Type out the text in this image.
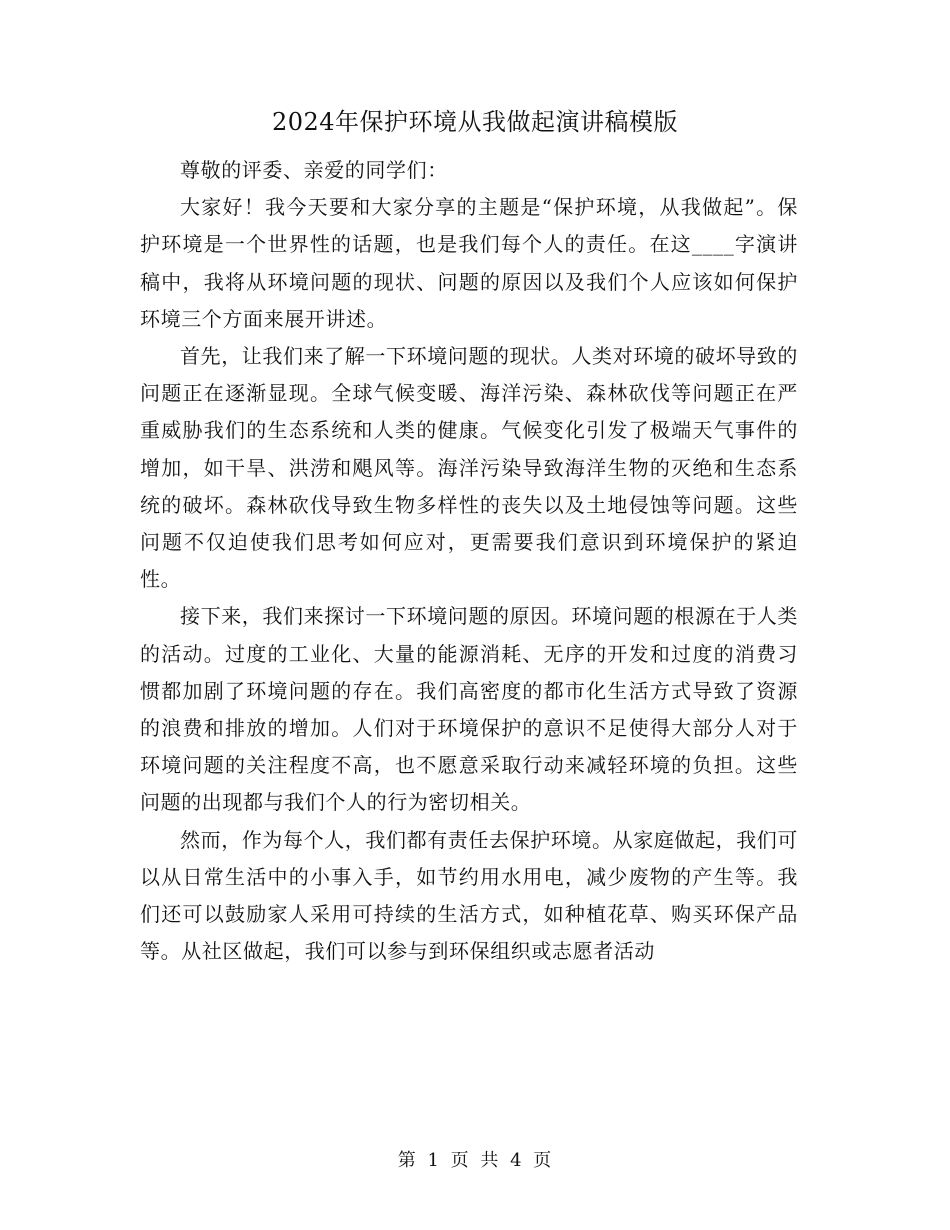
2024年保护环境从我做起演讲稿模版

尊敬的评委、亲爱的同学们：

大家好！我今天要和大家分享的主题是“保护环境，从我做起”。保护环境是一个世界性的话题，也是我们每个人的责任。在这____字演讲稿中，我将从环境问题的现状、问题的原因以及我们个人应该如何保护环境三个方面来展开讲述。

首先，让我们来了解一下环境问题的现状。人类对环境的破坏导致的问题正在逐渐显现。全球气候变暖、海洋污染、森林砍伐等问题正在严重威胁我们的生态系统和人类的健康。气候变化引发了极端天气事件的增加，如干旱、洪涝和飓风等。海洋污染导致海洋生物的灭绝和生态系统的破坏。森林砍伐导致生物多样性的丧失以及土地侵蚀等问题。这些问题不仅迫使我们思考如何应对，更需要我们意识到环境保护的紧迫性。

接下来，我们来探讨一下环境问题的原因。环境问题的根源在于人类的活动。过度的工业化、大量的能源消耗、无序的开发和过度的消费习惯都加剧了环境问题的存在。我们高密度的都市化生活方式导致了资源的浪费和排放的增加。人们对于环境保护的意识不足使得大部分人对于环境问题的关注程度不高，也不愿意采取行动来减轻环境的负担。这些问题的出现都与我们个人的行为密切相关。

然而，作为每个人，我们都有责任去保护环境。从家庭做起，我们可以从日常生活中的小事入手，如节约用水用电，减少废物的产生等。我们还可以鼓励家人采用可持续的生活方式，如种植花草、购买环保产品等。从社区做起，我们可以参与到环保组织或志愿者活动

第 1 页 共 4 页
